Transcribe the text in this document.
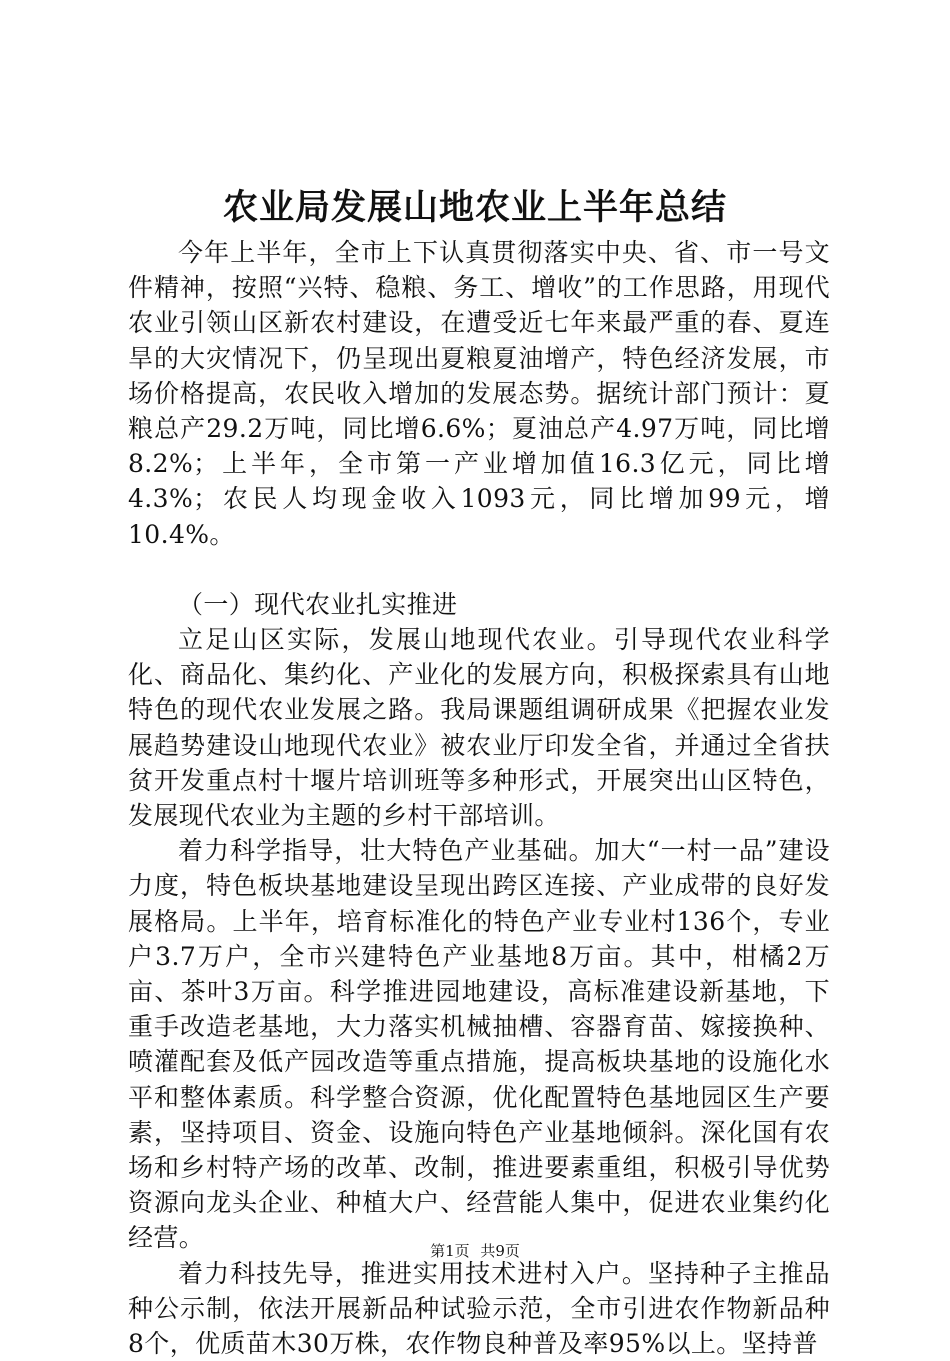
农业局发展山地农业上半年总结

今年上半年，全市上下认真贯彻落实中央、省、市一号文件精神，按照“兴特、稳粮、务工、增收”的工作思路，用现代农业引领山区新农村建设，在遭受近七年来最严重的春、夏连旱的大灾情况下，仍呈现出夏粮夏油增产，特色经济发展，市场价格提高，农民收入增加的发展态势。据统计部门预计：夏粮总产29.2万吨，同比增6.6%；夏油总产4.97万吨，同比增8.2%；上半年，全市第一产业增加值16.3亿元，同比增4.3%；农民人均现金收入1093元，同比增加99元，增10.4%。

（一）现代农业扎实推进

立足山区实际，发展山地现代农业。引导现代农业科学化、商品化、集约化、产业化的发展方向，积极探索具有山地特色的现代农业发展之路。我局课题组调研成果《把握农业发展趋势建设山地现代农业》被农业厅印发全省，并通过全省扶贫开发重点村十堰片培训班等多种形式，开展突出山区特色，发展现代农业为主题的乡村干部培训。

着力科学指导，壮大特色产业基础。加大“一村一品”建设力度，特色板块基地建设呈现出跨区连接、产业成带的良好发展格局。上半年，培育标准化的特色产业专业村136个，专业户3.7万户，全市兴建特色产业基地8万亩。其中，柑橘2万亩、茶叶3万亩。科学推进园地建设，高标准建设新基地，下重手改造老基地，大力落实机械抽槽、容器育苗、嫁接换种、喷灌配套及低产园改造等重点措施，提高板块基地的设施化水平和整体素质。科学整合资源，优化配置特色基地园区生产要素，坚持项目、资金、设施向特色产业基地倾斜。深化国有农场和乡村特产场的改革、改制，推进要素重组，积极引导优势资源向龙头企业、种植大户、经营能人集中，促进农业集约化经营。

着力科技先导，推进实用技术进村入户。坚持种子主推品种公示制，依法开展新品种试验示范，全市引进农作物新品种8个，优质苗木30万株，农作物良种普及率95%以上。坚持普

第1页 共9页
